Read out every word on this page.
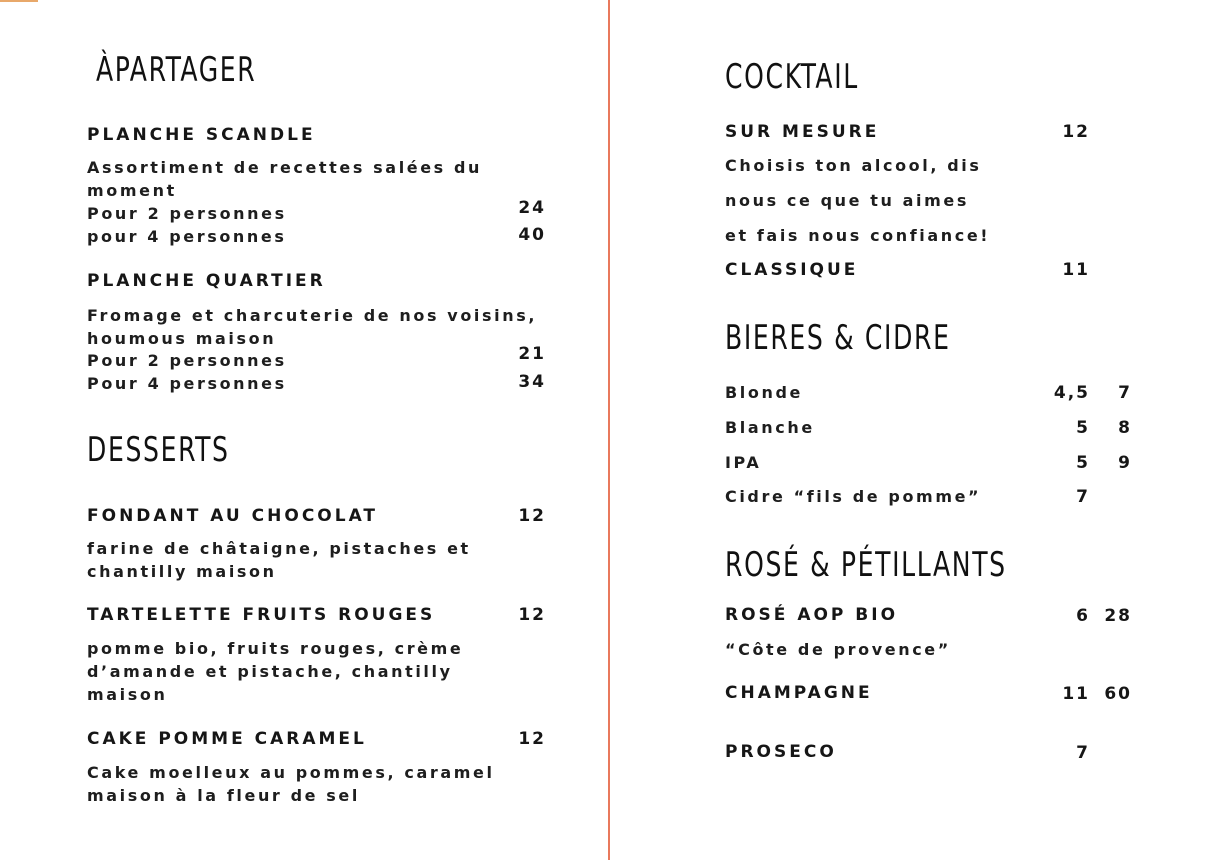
ÀPARTAGER
PLANCHE SCANDLE
Assortiment de recettes salées du moment
Pour 2 personnes	24
pour 4 personnes	40
PLANCHE QUARTIER
Fromage et charcuterie de nos voisins, houmous maison
Pour 2 personnes	21
Pour 4 personnes	34
DESSERTS
FONDANT AU CHOCOLAT	12
farine de châtaigne, pistaches et chantilly maison
TARTELETTE FRUITS ROUGES	12
pomme bio, fruits rouges, crème d’amande et pistache, chantilly maison
CAKE POMME CARAMEL	12
Cake moelleux au pommes, caramel maison à la fleur de sel
COCKTAIL
SUR MESURE	12
Choisis ton alcool, dis
nous ce que tu aimes
et fais nous confiance!
CLASSIQUE	11
BIERES & CIDRE
Blonde	4,5	7
Blanche	5	8
IPA	5	9
Cidre “fils de pomme”	7
ROSÉ & PÉTILLANTS
ROSÉ AOP BIO	6 28
“Côte de provence”
CHAMPAGNE	11 60
PROSECO	7
